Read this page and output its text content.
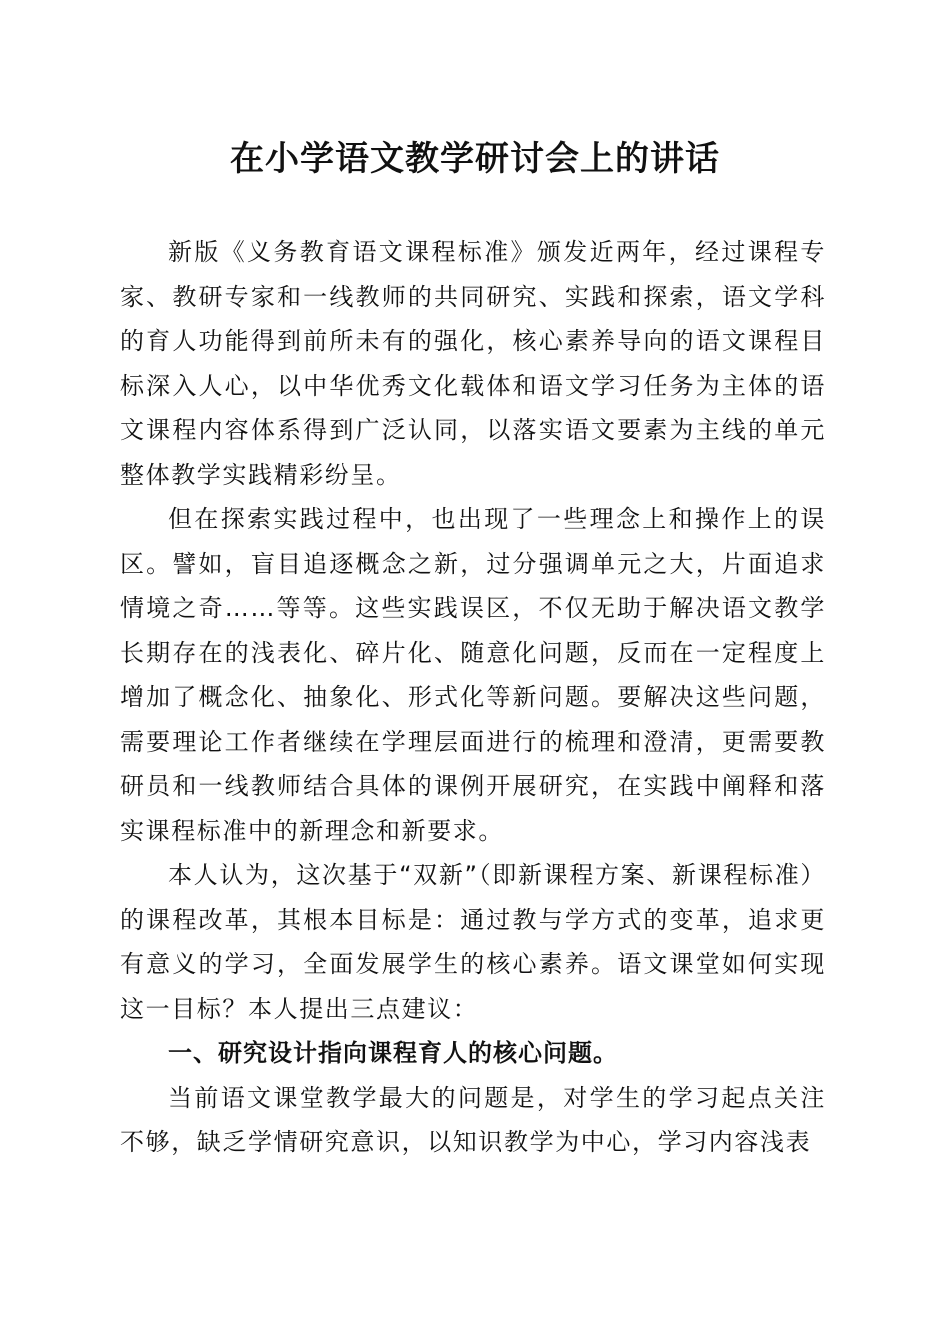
在小学语文教学研讨会上的讲话

新版《义务教育语文课程标准》颁发近两年，经过课程专家、教研专家和一线教师的共同研究、实践和探索，语文学科的育人功能得到前所未有的强化，核心素养导向的语文课程目标深入人心，以中华优秀文化载体和语文学习任务为主体的语文课程内容体系得到广泛认同，以落实语文要素为主线的单元整体教学实践精彩纷呈。

但在探索实践过程中，也出现了一些理念上和操作上的误区。譬如，盲目追逐概念之新，过分强调单元之大，片面追求情境之奇……等等。这些实践误区，不仅无助于解决语文教学长期存在的浅表化、碎片化、随意化问题，反而在一定程度上增加了概念化、抽象化、形式化等新问题。要解决这些问题，需要理论工作者继续在学理层面进行的梳理和澄清，更需要教研员和一线教师结合具体的课例开展研究，在实践中阐释和落实课程标准中的新理念和新要求。

本人认为，这次基于“双新”（即新课程方案、新课程标准）的课程改革，其根本目标是：通过教与学方式的变革，追求更有意义的学习，全面发展学生的核心素养。语文课堂如何实现这一目标？本人提出三点建议：

一、研究设计指向课程育人的核心问题。

当前语文课堂教学最大的问题是，对学生的学习起点关注不够，缺乏学情研究意识，以知识教学为中心，学习内容浅表
